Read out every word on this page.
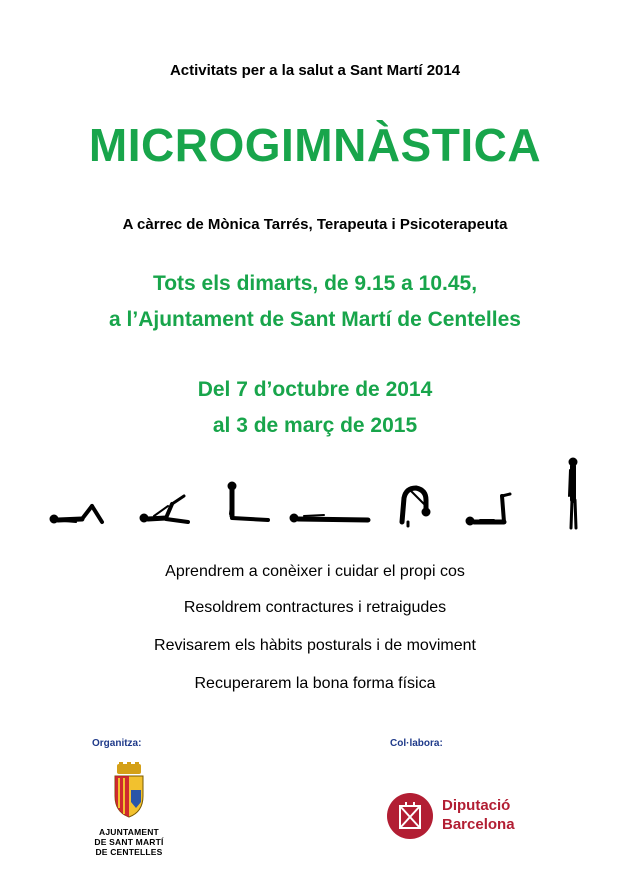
Activitats per a la salut a Sant Martí 2014
MICROGIMNÀSTICA
A càrrec de Mònica Tarrés, Terapeuta i Psicoterapeuta
Tots els dimarts, de 9.15 a 10.45,
a l’Ajuntament de Sant Martí de Centelles
Del 7 d’octubre de 2014
al 3 de març de 2015
Aprendrem a conèixer i cuidar el propi cos
Resoldrem contractures i retraigudes
Revisarem els hàbits posturals i de moviment
Recuperarem la bona forma física
Organitza:	Col·labora:
AJUNTAMENT
DE SANT MARTÍ
DE CENTELLES
Diputació
Barcelona
